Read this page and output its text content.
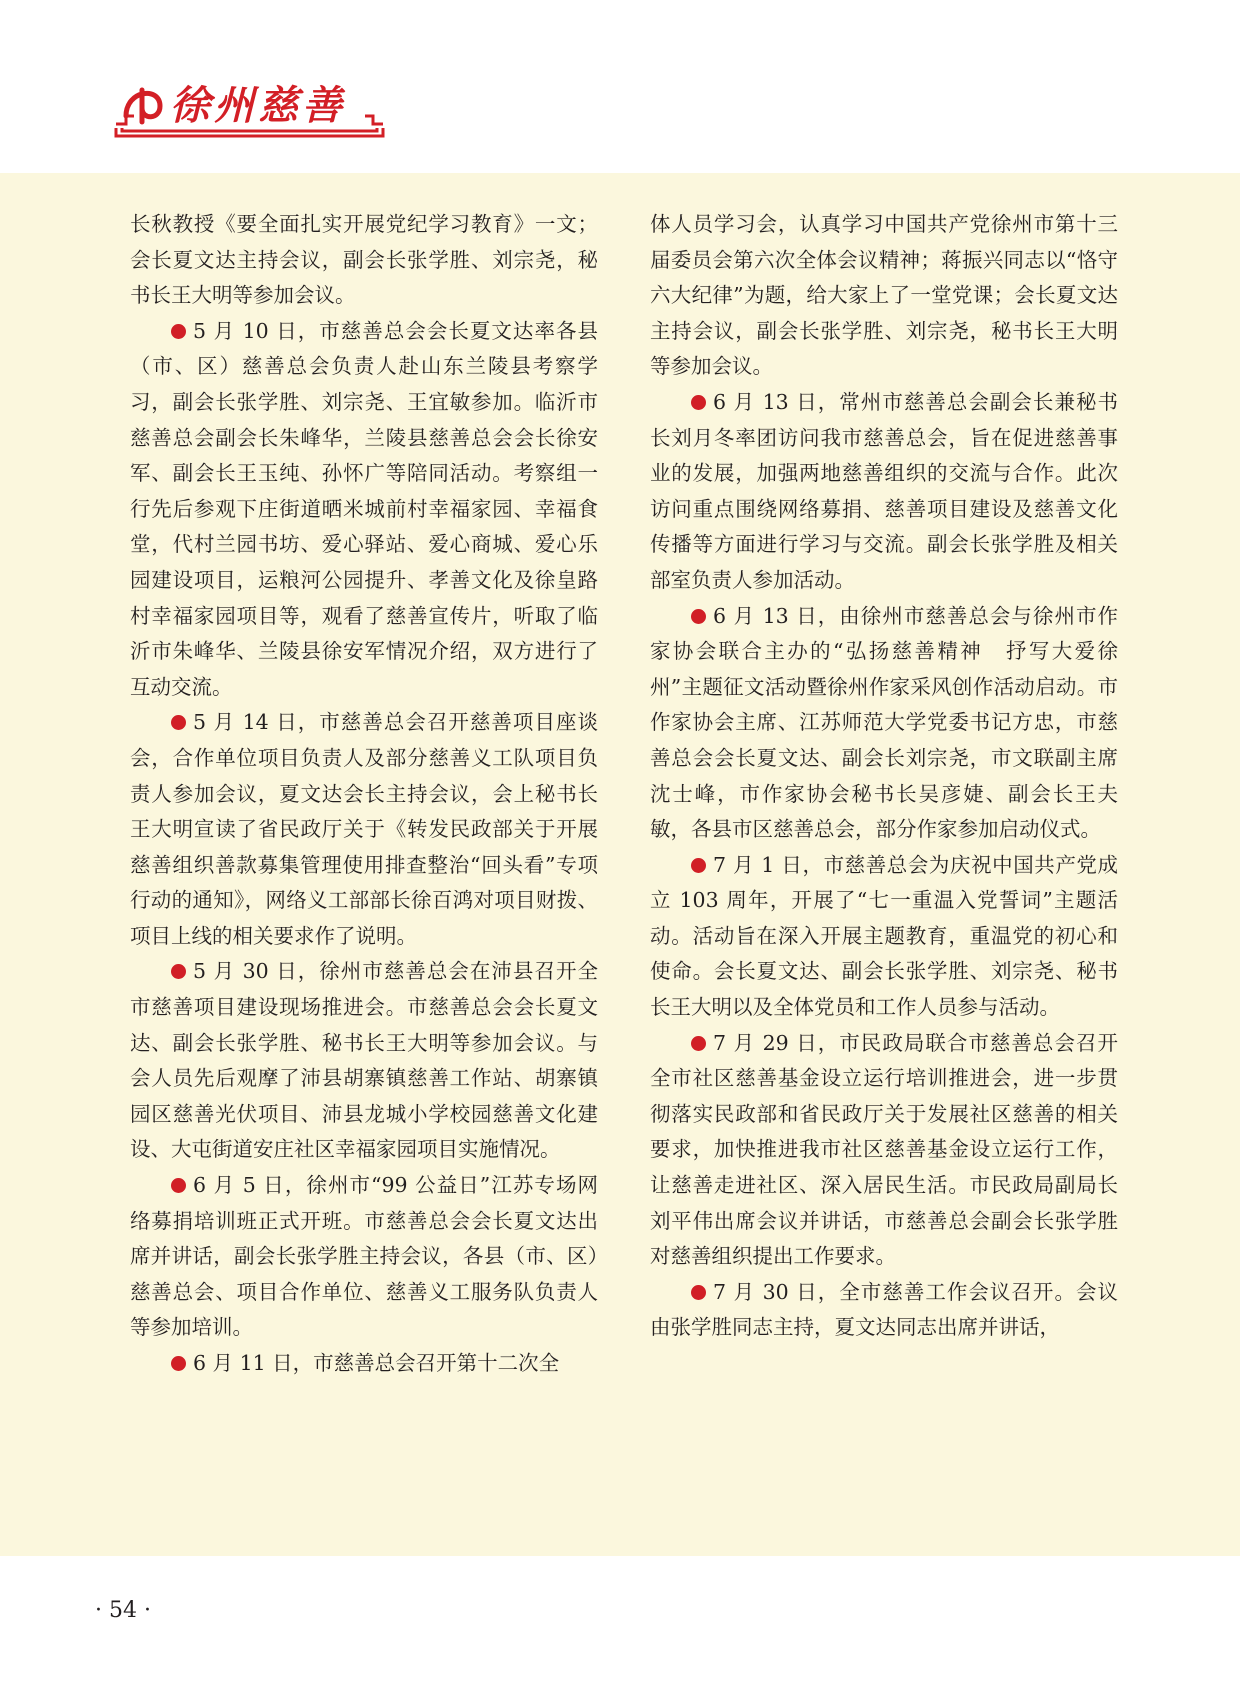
徐州慈善

长秋教授《要全面扎实开展党纪学习教育》一文；会长夏文达主持会议，副会长张学胜、刘宗尧，秘书长王大明等参加会议。

5 月 10 日，市慈善总会会长夏文达率各县（市、区）慈善总会负责人赴山东兰陵县考察学习，副会长张学胜、刘宗尧、王宜敏参加。临沂市慈善总会副会长朱峰华，兰陵县慈善总会会长徐安军、副会长王玉纯、孙怀广等陪同活动。考察组一行先后参观下庄街道晒米城前村幸福家园、幸福食堂，代村兰园书坊、爱心驿站、爱心商城、爱心乐园建设项目，运粮河公园提升、孝善文化及徐皇路村幸福家园项目等，观看了慈善宣传片，听取了临沂市朱峰华、兰陵县徐安军情况介绍，双方进行了互动交流。

5 月 14 日，市慈善总会召开慈善项目座谈会，合作单位项目负责人及部分慈善义工队项目负责人参加会议，夏文达会长主持会议，会上秘书长王大明宣读了省民政厅关于《转发民政部关于开展慈善组织善款募集管理使用排查整治“回头看”专项行动的通知》，网络义工部部长徐百鸿对项目财拨、项目上线的相关要求作了说明。

5 月 30 日，徐州市慈善总会在沛县召开全市慈善项目建设现场推进会。市慈善总会会长夏文达、副会长张学胜、秘书长王大明等参加会议。与会人员先后观摩了沛县胡寨镇慈善工作站、胡寨镇园区慈善光伏项目、沛县龙城小学校园慈善文化建设、大屯街道安庄社区幸福家园项目实施情况。

6 月 5 日，徐州市“99 公益日”江苏专场网络募捐培训班正式开班。市慈善总会会长夏文达出席并讲话，副会长张学胜主持会议，各县（市、区）慈善总会、项目合作单位、慈善义工服务队负责人等参加培训。

6 月 11 日，市慈善总会召开第十二次全

体人员学习会，认真学习中国共产党徐州市第十三届委员会第六次全体会议精神；蒋振兴同志以“恪守六大纪律”为题，给大家上了一堂党课；会长夏文达主持会议，副会长张学胜、刘宗尧，秘书长王大明等参加会议。

6 月 13 日，常州市慈善总会副会长兼秘书长刘月冬率团访问我市慈善总会，旨在促进慈善事业的发展，加强两地慈善组织的交流与合作。此次访问重点围绕网络募捐、慈善项目建设及慈善文化传播等方面进行学习与交流。副会长张学胜及相关部室负责人参加活动。

6 月 13 日，由徐州市慈善总会与徐州市作家协会联合主办的“弘扬慈善精神　抒写大爱徐州”主题征文活动暨徐州作家采风创作活动启动。市作家协会主席、江苏师范大学党委书记方忠，市慈善总会会长夏文达、副会长刘宗尧，市文联副主席沈士峰，市作家协会秘书长吴彦婕、副会长王夫敏，各县市区慈善总会，部分作家参加启动仪式。

7 月 1 日，市慈善总会为庆祝中国共产党成立 103 周年，开展了“七一重温入党誓词”主题活动。活动旨在深入开展主题教育，重温党的初心和使命。会长夏文达、副会长张学胜、刘宗尧、秘书长王大明以及全体党员和工作人员参与活动。

7 月 29 日，市民政局联合市慈善总会召开全市社区慈善基金设立运行培训推进会，进一步贯彻落实民政部和省民政厅关于发展社区慈善的相关要求，加快推进我市社区慈善基金设立运行工作，让慈善走进社区、深入居民生活。市民政局副局长刘平伟出席会议并讲话，市慈善总会副会长张学胜对慈善组织提出工作要求。

7 月 30 日，全市慈善工作会议召开。会议由张学胜同志主持，夏文达同志出席并讲话，

· 54 ·
